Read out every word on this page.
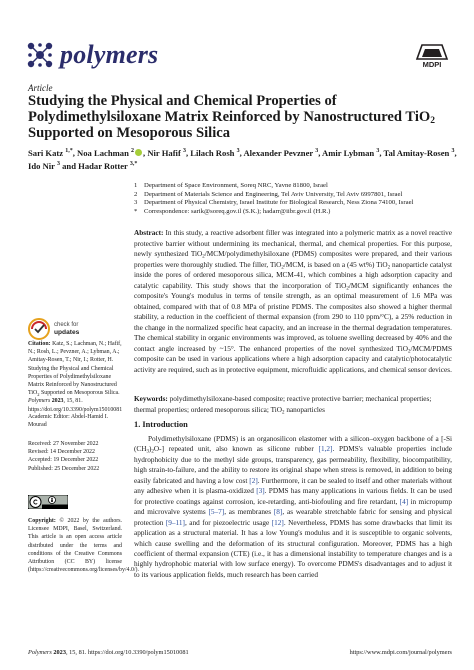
polymers	MDPI
Article
Studying the Physical and Chemical Properties of Polydimethylsiloxane Matrix Reinforced by Nanostructured TiO$_2$ Supported on Mesoporous Silica
Sari Katz $^{1,*}$, Noa Lachman $^2$ , Nir Hafif $^3$, Lilach Rosh $^3$, Alexander Pevzner $^3$, Amir Lybman $^3$, Tal Amitay-Rosen $^3$, Ido Nir $^3$ and Hadar Rotter $^{3,*}$
1 Department of Space Environment, Soreq NRC, Yavne 81800, Israel
2 Department of Materials Science and Engineering, Tel Aviv University, Tel Aviv 6997801, Israel
3 Department of Physical Chemistry, Israel Institute for Biological Research, Ness Ziona 74100, Israel
* Correspondence: sarik@soreq.gov.il (S.K.); hadarr@iibr.gov.il (H.R.)
Abstract: In this study, a reactive adsorbent filler was integrated into a polymeric matrix as a novel reactive protective barrier without undermining its mechanical, thermal, and chemical properties. For this purpose, newly synthesized TiO$_2$/MCM/polydimethylsiloxane (PDMS) composites were prepared, and their various properties were thoroughly studied. The filler, TiO$_2$/MCM, is based on a (45 wt%) TiO$_2$ nanoparticle catalyst inside the pores of ordered mesoporous silica, MCM-41, which combines a high adsorption capacity and catalytic capability. This study shows that the incorporation of TiO$_2$/MCM significantly enhances the composite's Young's modulus in terms of tensile strength, as an optimal measurement of 1.6 MPa was obtained, compared with that of 0.8 MPa of pristine PDMS. The composites also showed a higher thermal stability, a reduction in the coefficient of thermal expansion (from 290 to 110 ppm/°C), a 25% reduction in the change in the normalized specific heat capacity, and an increase in the thermal degradation temperatures. The chemical stability in organic environments was improved, as toluene swelling decreased by 40% and the contact angle increased by ~15°. The enhanced properties of the novel synthesized TiO$_2$/MCM/PDMS composite can be used in various applications where a high adsorption capacity and catalytic/photocatalytic activity are required, such as in protective equipment, microfluidic applications, and chemical sensor devices.
Keywords: polydimethylsiloxane-based composite; reactive protective barrier; mechanical properties; thermal properties; ordered mesoporous silica; TiO$_2$ nanoparticles
1. Introduction

Polydimethylsiloxane (PDMS) is an organosilicon elastomer with a silicon–oxygen backbone of a [-Si $(CH_3)_2O-$] repeated unit, also known as silicone rubber [1,2]. PDMS's valuable properties include hydrophobicity due to the methyl side groups, transparency, gas permeability, flexibility, biocompatibility, high strain-to-failure, and the ability to restore its original shape when stress is removed, in addition to being easily fabricated and having a low cost [2]. Furthermore, it can be sealed to itself and other materials without any adhesive when it is plasma-oxidized [3]. PDMS has many applications in various fields. It can be used for protective coatings against corrosion, ice-retarding, anti-biofouling and fire retardant, [4] in micropump and microvalve systems [5–7], as membranes [8], as wearable stretchable fabric for sensing and physical protection [9–11], and for piezoelectric usage [12]. Nevertheless, PDMS has some drawbacks that limit its application as a structural material. It has a low Young's modulus and it is susceptible to organic solvents, which cause swelling and the deformation of its structural configuration. Moreover, PDMS has a high coefficient of thermal expansion (CTE) (i.e., it has a dimensional instability to temperature changes and is a highly hydrophobic material with low surface energy). To overcome PDMS's disadvantages and to adjust it to its various application fields, much research has been carried

check for
updates
Citation: Katz, S.; Lachman, N.; Hafif, N.; Rosh, L.; Pevzner, A.; Lybman, A.; Amitay-Rosen, T.; Nir, I.; Rotter, H. Studying the Physical and Chemical Properties of Polydimethylsiloxane Matrix Reinforced by Nanostructured TiO$_2$ Supported on Mesoporous Silica. Polymers 2023, 15, 81. https://doi.org/10.3390/polym15010081
Academic Editor: Abdel-Hamid I. Mourad
Received: 27 November 2022
Revised: 14 December 2022
Accepted: 19 December 2022
Published: 25 December 2022
Copyright: © 2022 by the authors. Licensee MDPI, Basel, Switzerland. This article is an open access article distributed under the terms and conditions of the Creative Commons Attribution (CC BY) license (https://creativecommons.org/licenses/by/4.0/).
Polymers 2023, 15, 81. https://doi.org/10.3390/polym15010081	https://www.mdpi.com/journal/polymers
